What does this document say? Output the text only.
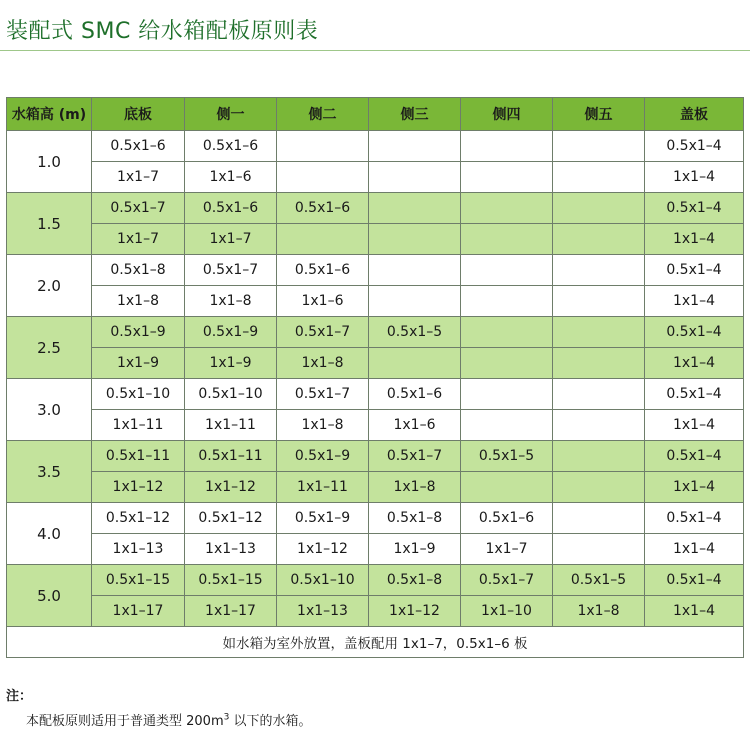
装配式 SMC 给水箱配板原则表
水箱高 (m)	底板	侧一	侧二	侧三	侧四	侧五	盖板
1.0	0.5x1–6	0.5x1–6					0.5x1–4
	1x1–7	1x1–6					1x1–4
1.5	0.5x1–7	0.5x1–6	0.5x1–6				0.5x1–4
	1x1–7	1x1–7					1x1–4
2.0	0.5x1–8	0.5x1–7	0.5x1–6				0.5x1–4
	1x1–8	1x1–8	1x1–6				1x1–4
2.5	0.5x1–9	0.5x1–9	0.5x1–7	0.5x1–5			0.5x1–4
	1x1–9	1x1–9	1x1–8				1x1–4
3.0	0.5x1–10	0.5x1–10	0.5x1–7	0.5x1–6			0.5x1–4
	1x1–11	1x1–11	1x1–8	1x1–6			1x1–4
3.5	0.5x1–11	0.5x1–11	0.5x1–9	0.5x1–7	0.5x1–5		0.5x1–4
	1x1–12	1x1–12	1x1–11	1x1–8			1x1–4
4.0	0.5x1–12	0.5x1–12	0.5x1–9	0.5x1–8	0.5x1–6		0.5x1–4
	1x1–13	1x1–13	1x1–12	1x1–9	1x1–7		1x1–4
5.0	0.5x1–15	0.5x1–15	0.5x1–10	0.5x1–8	0.5x1–7	0.5x1–5	0.5x1–4
	1x1–17	1x1–17	1x1–13	1x1–12	1x1–10	1x1–8	1x1–4
如水箱为室外放置，盖板配用 1x1–7，0.5x1–6 板							
注：
本配板原则适用于普通类型 $200m^3$ 以下的水箱。
